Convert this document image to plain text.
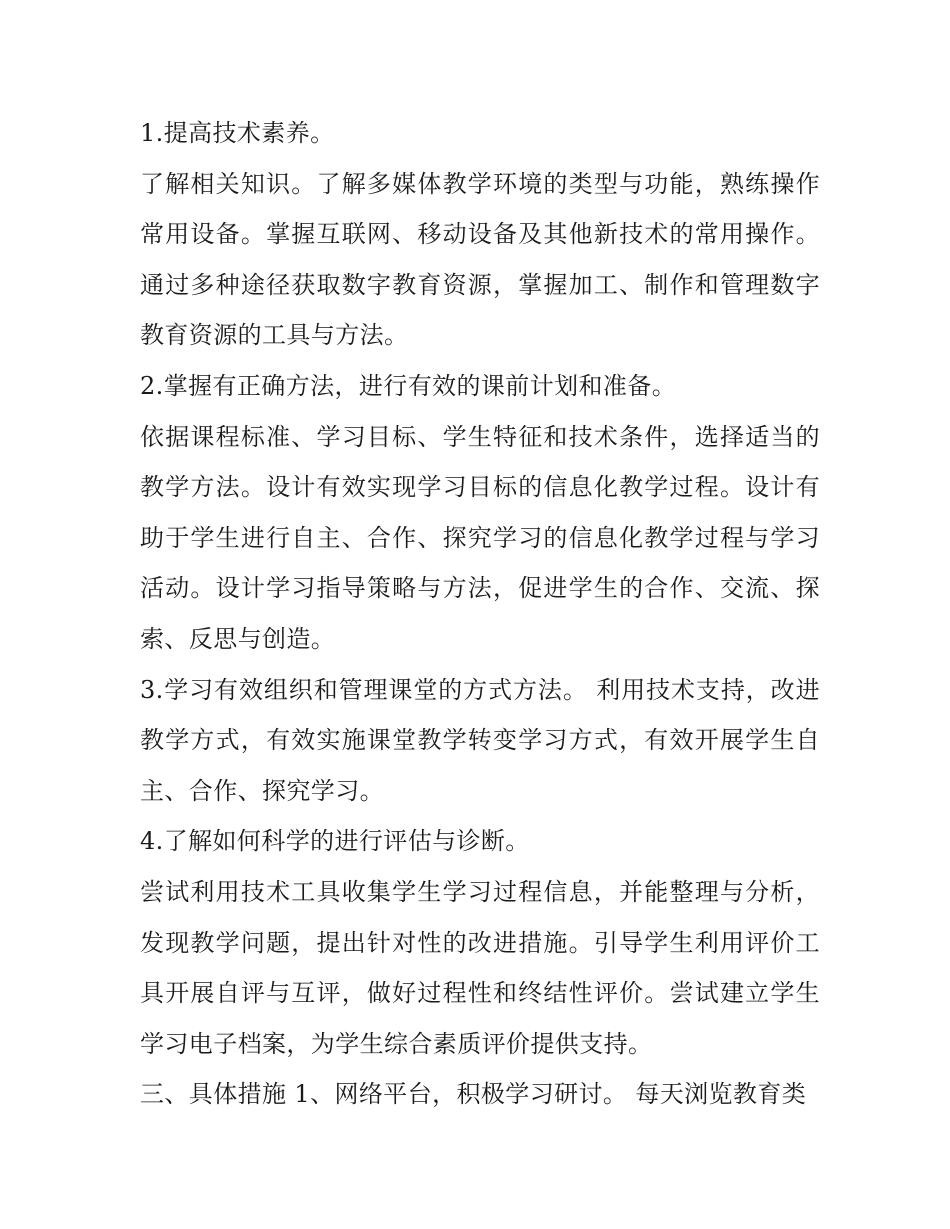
1.提高技术素养。

了解相关知识。了解多媒体教学环境的类型与功能，熟练操作常用设备。掌握互联网、移动设备及其他新技术的常用操作。通过多种途径获取数字教育资源，掌握加工、制作和管理数字教育资源的工具与方法。

2.掌握有正确方法，进行有效的课前计划和准备。

依据课程标准、学习目标、学生特征和技术条件，选择适当的教学方法。设计有效实现学习目标的信息化教学过程。设计有助于学生进行自主、合作、探究学习的信息化教学过程与学习活动。设计学习指导策略与方法，促进学生的合作、交流、探索、反思与创造。

3.学习有效组织和管理课堂的方式方法。 利用技术支持，改进教学方式，有效实施课堂教学转变学习方式，有效开展学生自主、合作、探究学习。

4.了解如何科学的进行评估与诊断。

尝试利用技术工具收集学生学习过程信息，并能整理与分析，发现教学问题，提出针对性的改进措施。引导学生利用评价工具开展自评与互评，做好过程性和终结性评价。尝试建立学生学习电子档案，为学生综合素质评价提供支持。

三、具体措施 1、网络平台，积极学习研讨。 每天浏览教育类
